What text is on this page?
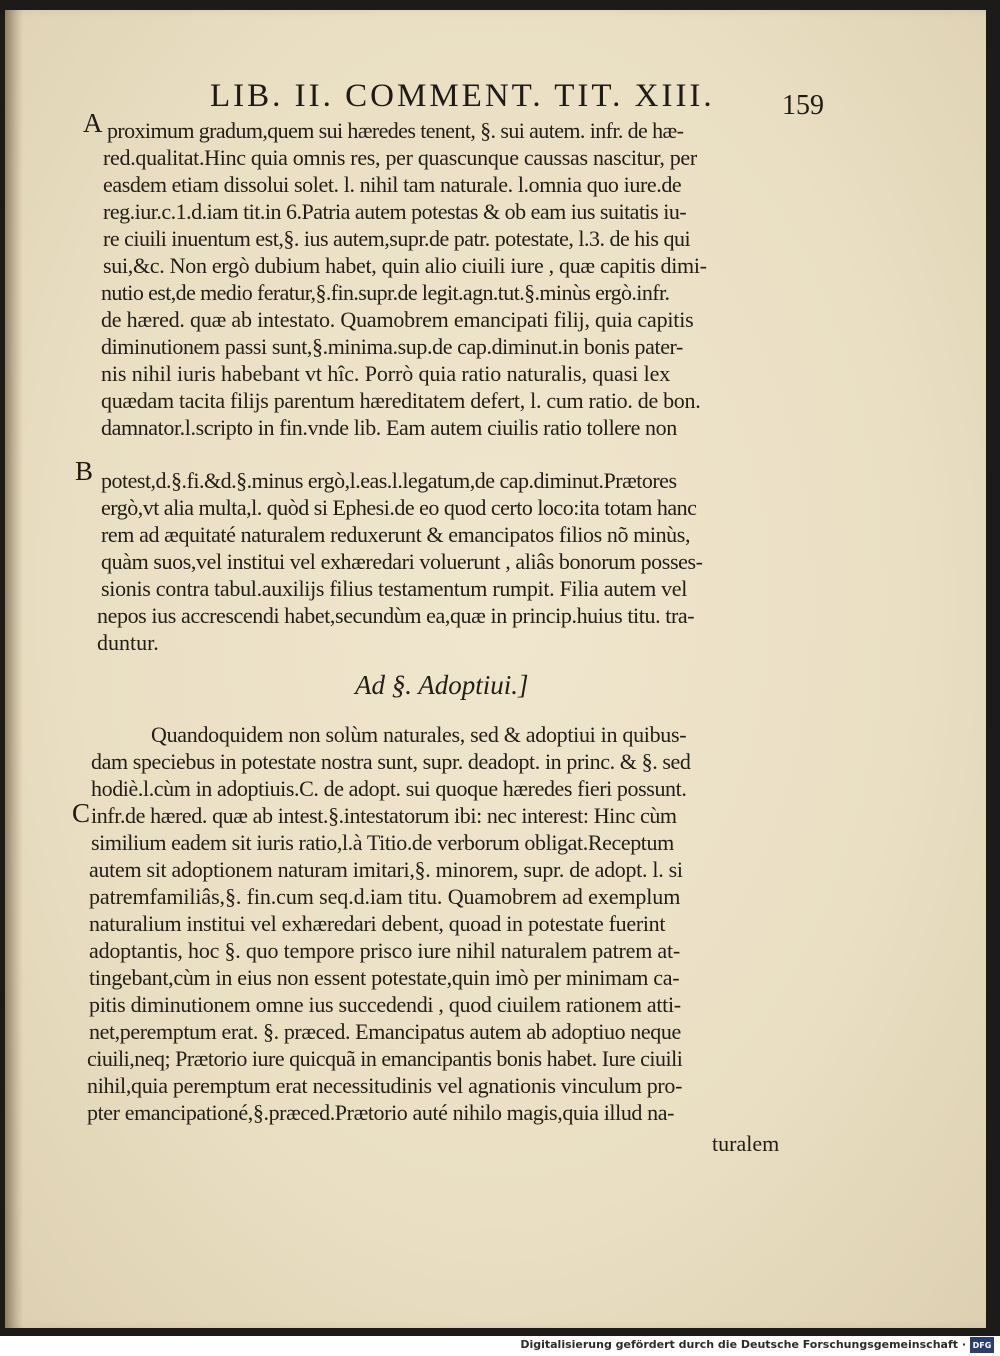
LIB. II. COMMENT. TIT. XIII. 159
A
B
C
proximum gradum,quem sui hæredes tenent, §. sui autem. infr. de hæ-
red.qualitat.Hinc quia omnis res, per quascunque caussas nascitur, per
easdem etiam dissolui solet. l. nihil tam naturale. l.omnia quo iure.de
reg.iur.c.1.d.iam tit.in 6.Patria autem potestas & ob eam ius suitatis iu-
re ciuili inuentum est,§. ius autem,supr.de patr. potestate, l.3. de his qui
sui,&c. Non ergò dubium habet, quin alio ciuili iure , quæ capitis dimi-
nutio est,de medio feratur,§.fin.supr.de legit.agn.tut.§.minùs ergò.infr.
de hæred. quæ ab intestato. Quamobrem emancipati filij, quia capitis
diminutionem passi sunt,§.minima.sup.de cap.diminut.in bonis pater-
nis nihil iuris habebant vt hîc. Porrò quia ratio naturalis, quasi lex
quædam tacita filijs parentum hæreditatem defert, l. cum ratio. de bon.
damnator.l.scripto in fin.vnde lib. Eam autem ciuilis ratio tollere non
potest,d.§.fi.&d.§.minus ergò,l.eas.l.legatum,de cap.diminut.Prætores
ergò,vt alia multa,l. quòd si Ephesi.de eo quod certo loco:ita totam hanc
rem ad æquitaté naturalem reduxerunt & emancipatos filios nõ minùs,
quàm suos,vel institui vel exhæredari voluerunt , aliâs bonorum posses-
sionis contra tabul.auxilijs filius testamentum rumpit. Filia autem vel
nepos ius accrescendi habet,secundùm ea,quæ in princip.huius titu. tra-
duntur.
Ad §. Adoptiui.]
Quandoquidem non solùm naturales, sed & adoptiui in quibus-
dam speciebus in potestate nostra sunt, supr. deadopt. in princ. & §. sed
hodiè.l.cùm in adoptiuis.C. de adopt. sui quoque hæredes fieri possunt.
infr.de hæred. quæ ab intest.§.intestatorum ibi: nec interest: Hinc cùm
similium eadem sit iuris ratio,l.à Titio.de verborum obligat.Receptum
autem sit adoptionem naturam imitari,§. minorem, supr. de adopt. l. si
patremfamiliâs,§. fin.cum seq.d.iam titu. Quamobrem ad exemplum
naturalium institui vel exhæredari debent, quoad in potestate fuerint
adoptantis, hoc §. quo tempore prisco iure nihil naturalem patrem at-
tingebant,cùm in eius non essent potestate,quin imò per minimam ca-
pitis diminutionem omne ius succedendi , quod ciuilem rationem atti-
net,peremptum erat. §. præced. Emancipatus autem ab adoptiuo neque
ciuili,neq; Prætorio iure quicquã in emancipantis bonis habet. Iure ciuili
nihil,quia peremptum erat necessitudinis vel agnationis vinculum pro-
pter emancipationé,§.præced.Prætorio auté nihilo magis,quia illud na-
turalem
Digitalisierung gefördert durch die Deutsche Forschungsgemeinschaft · DFG
